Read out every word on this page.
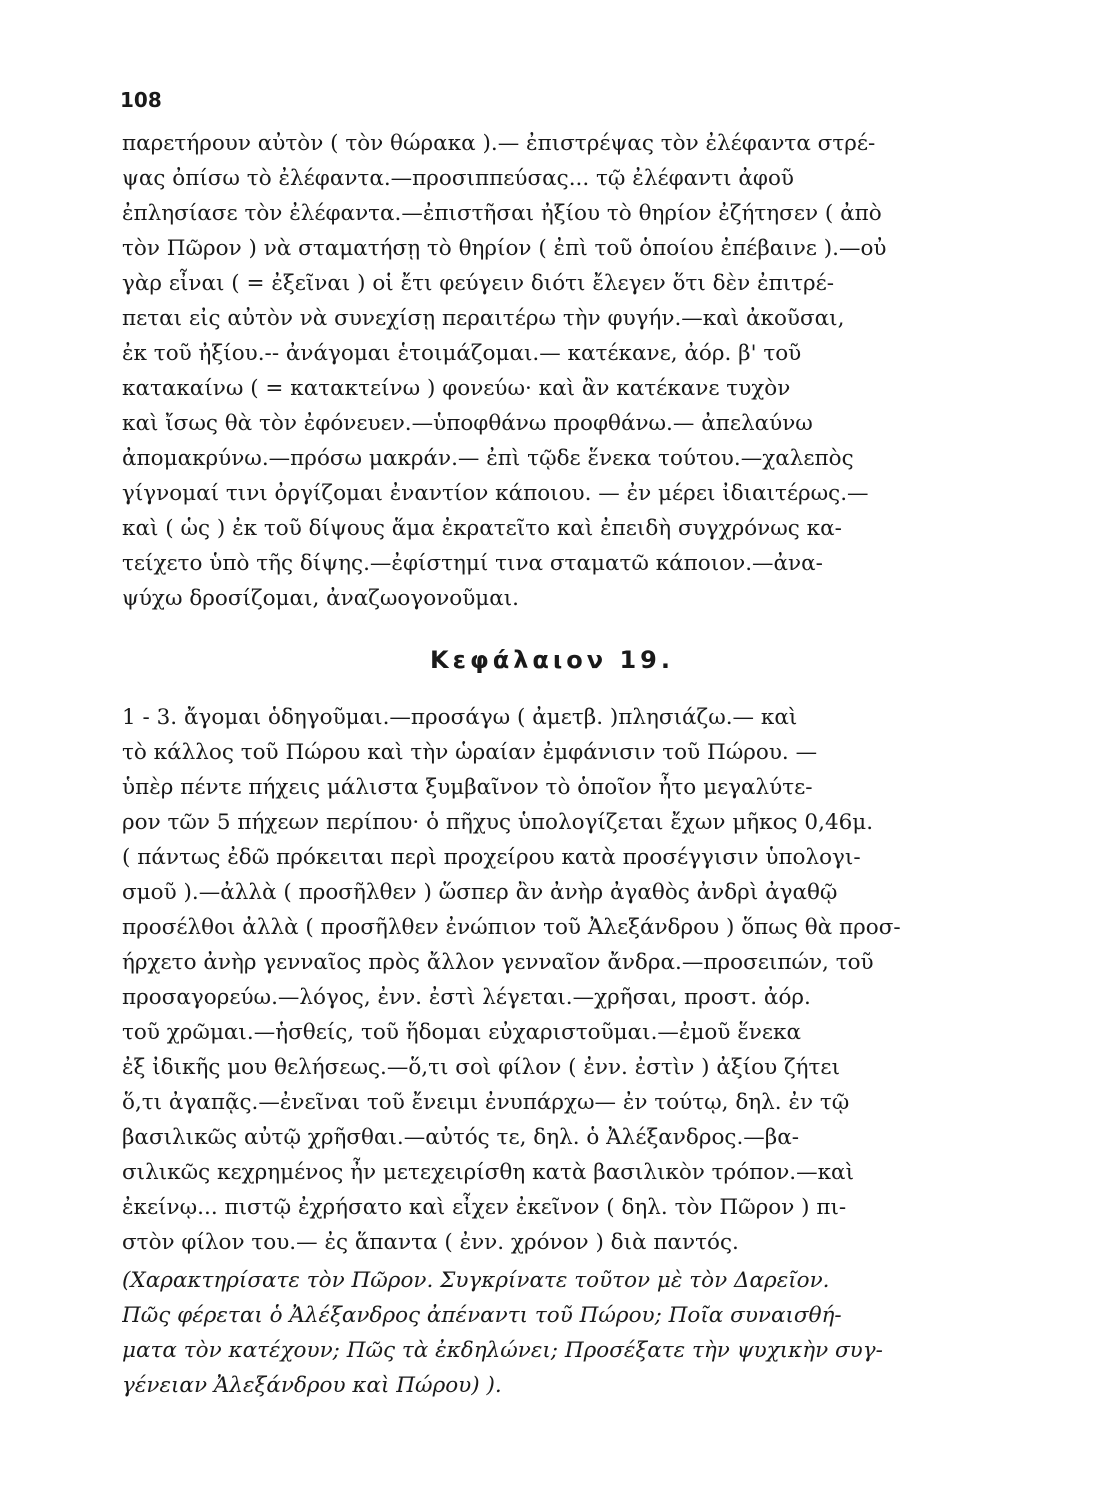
108
παρετήρουν αὐτὸν ( τὸν θώρακα ).— ἐπιστρέψας τὸν ἐλέφαντα στρέ-
ψας ὀπίσω τὸ ἐλέφαντα.—προσιππεύσας... τῷ ἐλέφαντι ἀφοῦ
ἐπλησίασε τὸν ἐλέφαντα.—ἐπιστῆσαι ἠξίου τὸ θηρίον ἐζήτησεν ( ἀπὸ
τὸν Πῶρον ) νὰ σταματήσῃ τὸ θηρίον ( ἐπὶ τοῦ ὁποίου ἐπέβαινε ).—οὐ
γὰρ εἶναι ( = ἐξεῖναι ) οἱ ἔτι φεύγειν διότι ἔλεγεν ὅτι δὲν ἐπιτρέ-
πεται εἰς αὐτὸν νὰ συνεχίσῃ περαιτέρω τὴν φυγήν.—καὶ ἀκοῦσαι,
ἐκ τοῦ ἠξίου.-- ἀνάγομαι ἑτοιμάζομαι.— κατέκανε, ἀόρ. β' τοῦ
κατακαίνω ( = κατακτείνω ) φονεύω· καὶ ἂν κατέκανε τυχὸν
καὶ ἴσως θὰ τὸν ἐφόνευεν.—ὑποφθάνω προφθάνω.— ἀπελαύνω
ἀπομακρύνω.—πρόσω μακράν.— ἐπὶ τῷδε ἕνεκα τούτου.—χαλεπὸς
γίγνομαί τινι ὀργίζομαι ἐναντίον κάποιου. — ἐν μέρει ἰδιαιτέρως.—
καὶ ( ὡς ) ἐκ τοῦ δίψους ἅμα ἐκρατεῖτο καὶ ἐπειδὴ συγχρόνως κα-
τείχετο ὑπὸ τῆς δίψης.—ἐφίστημί τινα σταματῶ κάποιον.—ἀνα-
ψύχω δροσίζομαι, ἀναζωογονοῦμαι.
Κεφάλαιον 19.
1 - 3. ἄγομαι ὁδηγοῦμαι.—προσάγω ( ἀμετβ. )πλησιάζω.— καὶ
τὸ κάλλος τοῦ Πώρου καὶ τὴν ὡραίαν ἐμφάνισιν τοῦ Πώρου. —
ὑπὲρ πέντε πήχεις μάλιστα ξυμβαῖνον τὸ ὁποῖον ἦτο μεγαλύτε-
ρον τῶν 5 πήχεων περίπου· ὁ πῆχυς ὑπολογίζεται ἔχων μῆκος 0,46μ.
( πάντως ἐδῶ πρόκειται περὶ προχείρου κατὰ προσέγγισιν ὑπολογι-
σμοῦ ).—ἀλλὰ ( προσῆλθεν ) ὥσπερ ἂν ἀνὴρ ἀγαθὸς ἀνδρὶ ἀγαθῷ
προσέλθοι ἀλλὰ ( προσῆλθεν ἐνώπιον τοῦ Ἀλεξάνδρου ) ὅπως θὰ προσ-
ήρχετο ἀνὴρ γενναῖος πρὸς ἄλλον γενναῖον ἄνδρα.—προσειπών, τοῦ
προσαγορεύω.—λόγος, ἐνν. ἐστὶ λέγεται.—χρῆσαι, προστ. ἀόρ.
τοῦ χρῶμαι.—ἡσθείς, τοῦ ἥδομαι εὐχαριστοῦμαι.—ἐμοῦ ἕνεκα
ἐξ ἰδικῆς μου θελήσεως.—ὅ,τι σοὶ φίλον ( ἐνν. ἐστὶν ) ἀξίου ζήτει
ὅ,τι ἀγαπᾷς.—ἐνεῖναι τοῦ ἔνειμι ἐνυπάρχω— ἐν τούτῳ, δηλ. ἐν τῷ
βασιλικῶς αὐτῷ χρῆσθαι.—αὐτός τε, δηλ. ὁ Ἀλέξανδρος.—βα-
σιλικῶς κεχρημένος ἦν μετεχειρίσθη κατὰ βασιλικὸν τρόπον.—καὶ
ἐκείνῳ... πιστῷ ἐχρήσατο καὶ εἶχεν ἐκεῖνον ( δηλ. τὸν Πῶρον ) πι-
στὸν φίλον του.— ἐς ἅπαντα ( ἐνν. χρόνον ) διὰ παντός.
(Χαρακτηρίσατε τὸν Πῶρον. Συγκρίνατε τοῦτον μὲ τὸν Δαρεῖον.
Πῶς φέρεται ὁ Ἀλέξανδρος ἀπέναντι τοῦ Πώρου; Ποῖα συναισθή-
ματα τὸν κατέχουν; Πῶς τὰ ἐκδηλώνει; Προσέξατε τὴν ψυχικὴν συγ-
γένειαν Ἀλεξάνδρου καὶ Πώρου) ).
